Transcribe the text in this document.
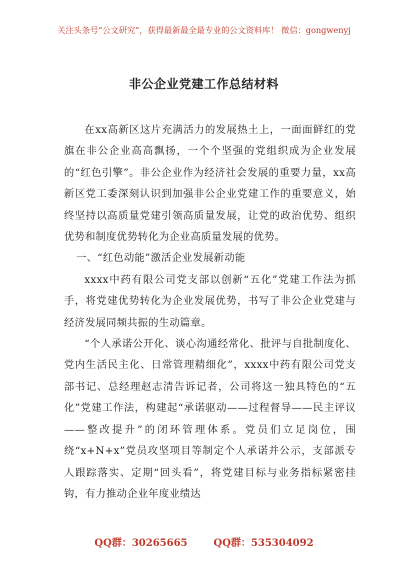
关注头条号“公文研究”，获得最新最全最专业的公文资料库！ 微信：gongwenyj
非公企业党建工作总结材料

在xx高新区这片充满活力的发展热土上，一面面鲜红的党旗在非公企业高高飘扬，一个个坚强的党组织成为企业发展的“红色引擎”。非公企业作为经济社会发展的重要力量，xx高新区党工委深刻认识到加强非公企业党建工作的重要意义，始终坚持以高质量党建引领高质量发展，让党的政治优势、组织优势和制度优势转化为企业高质量发展的优势。

一、“红色动能”激活企业发展新动能

xxxx中药有限公司党支部以创新“五化”党建工作法为抓手，将党建优势转化为企业发展优势，书写了非公企业党建与经济发展同频共振的生动篇章。

“个人承诺公开化、谈心沟通经常化、批评与自批制度化、党内生活民主化、日常管理精细化”，xxxx中药有限公司党支部书记、总经理赵志清告诉记者，公司将这一独具特色的“五化”党建工作法，构建起“承诺驱动——过程督导——民主评议——整改提升”的闭环管理体系。党员们立足岗位，围绕“x+N+x”党员攻坚项目等制定个人承诺并公示，支部派专人跟踪落实、定期“回头看”，将党建目标与业务指标紧密挂钩，有力推动企业年度业绩达

QQ群：30265665	QQ群：535304092
